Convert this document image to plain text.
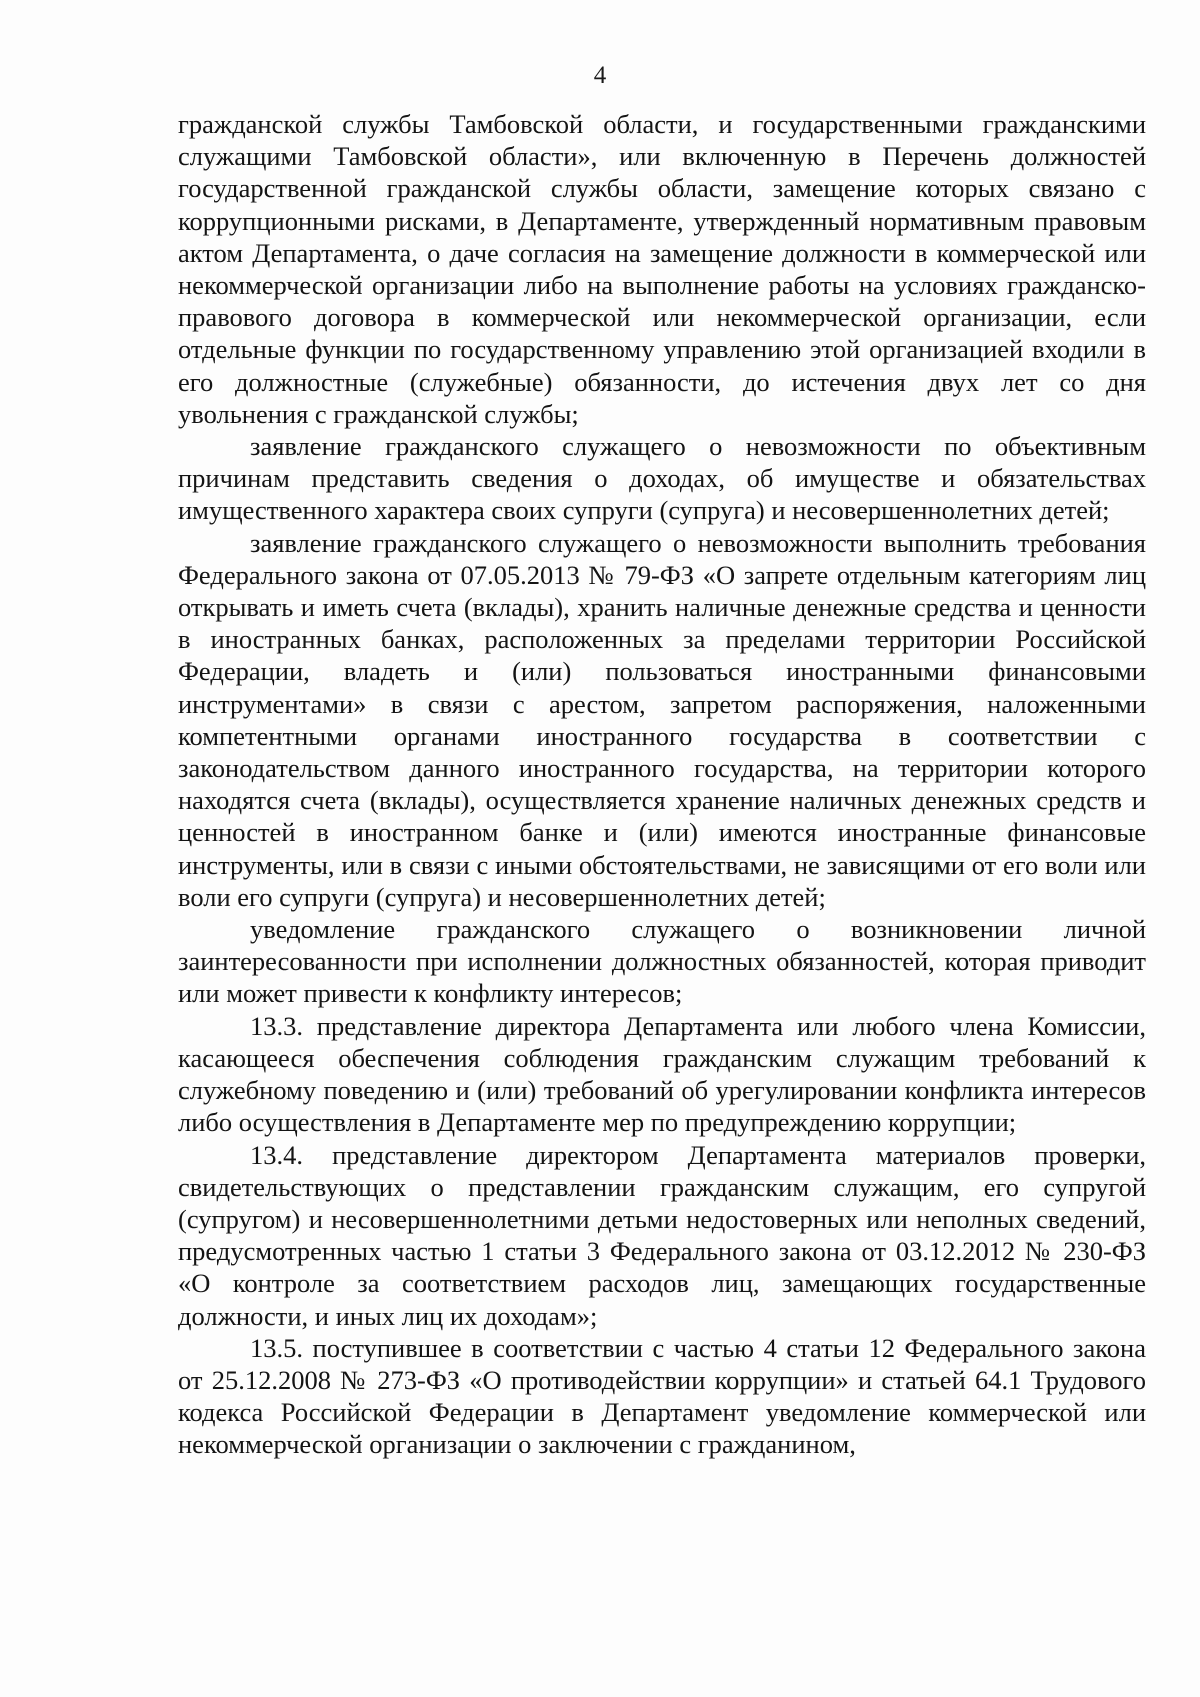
4

гражданской службы Тамбовской области, и государственными гражданскими служащими Тамбовской области», или включенную в Перечень должностей государственной гражданской службы области, замещение которых связано с коррупционными рисками, в Департаменте, утвержденный нормативным правовым актом Департамента, о даче согласия на замещение должности в коммерческой или некоммерческой организации либо на выполнение работы на условиях гражданско-правового договора в коммерческой или некоммерческой организации, если отдельные функции по государственному управлению этой организацией входили в его должностные (служебные) обязанности, до истечения двух лет со дня увольнения с гражданской службы;

заявление гражданского служащего о невозможности по объективным причинам представить сведения о доходах, об имуществе и обязательствах имущественного характера своих супруги (супруга) и несовершеннолетних детей;

заявление гражданского служащего о невозможности выполнить требования Федерального закона от 07.05.2013 № 79-ФЗ «О запрете отдельным категориям лиц открывать и иметь счета (вклады), хранить наличные денежные средства и ценности в иностранных банках, расположенных за пределами территории Российской Федерации, владеть и (или) пользоваться иностранными финансовыми инструментами» в связи с арестом, запретом распоряжения, наложенными компетентными органами иностранного государства в соответствии с законодательством данного иностранного государства, на территории которого находятся счета (вклады), осуществляется хранение наличных денежных средств и ценностей в иностранном банке и (или) имеются иностранные финансовые инструменты, или в связи с иными обстоятельствами, не зависящими от его воли или воли его супруги (супруга) и несовершеннолетних детей;

уведомление гражданского служащего о возникновении личной заинтересованности при исполнении должностных обязанностей, которая приводит или может привести к конфликту интересов;

13.3. представление директора Департамента или любого члена Комиссии, касающееся обеспечения соблюдения гражданским служащим требований к служебному поведению и (или) требований об урегулировании конфликта интересов либо осуществления в Департаменте мер по предупреждению коррупции;

13.4. представление директором Департамента материалов проверки, свидетельствующих о представлении гражданским служащим, его супругой (супругом) и несовершеннолетними детьми недостоверных или неполных сведений, предусмотренных частью 1 статьи 3 Федерального закона от 03.12.2012 № 230-ФЗ «О контроле за соответствием расходов лиц, замещающих государственные должности, и иных лиц их доходам»;

13.5. поступившее в соответствии с частью 4 статьи 12 Федерального закона от 25.12.2008 № 273-ФЗ «О противодействии коррупции» и статьей 64.1 Трудового кодекса Российской Федерации в Департамент уведомление коммерческой или некоммерческой организации о заключении с гражданином,
